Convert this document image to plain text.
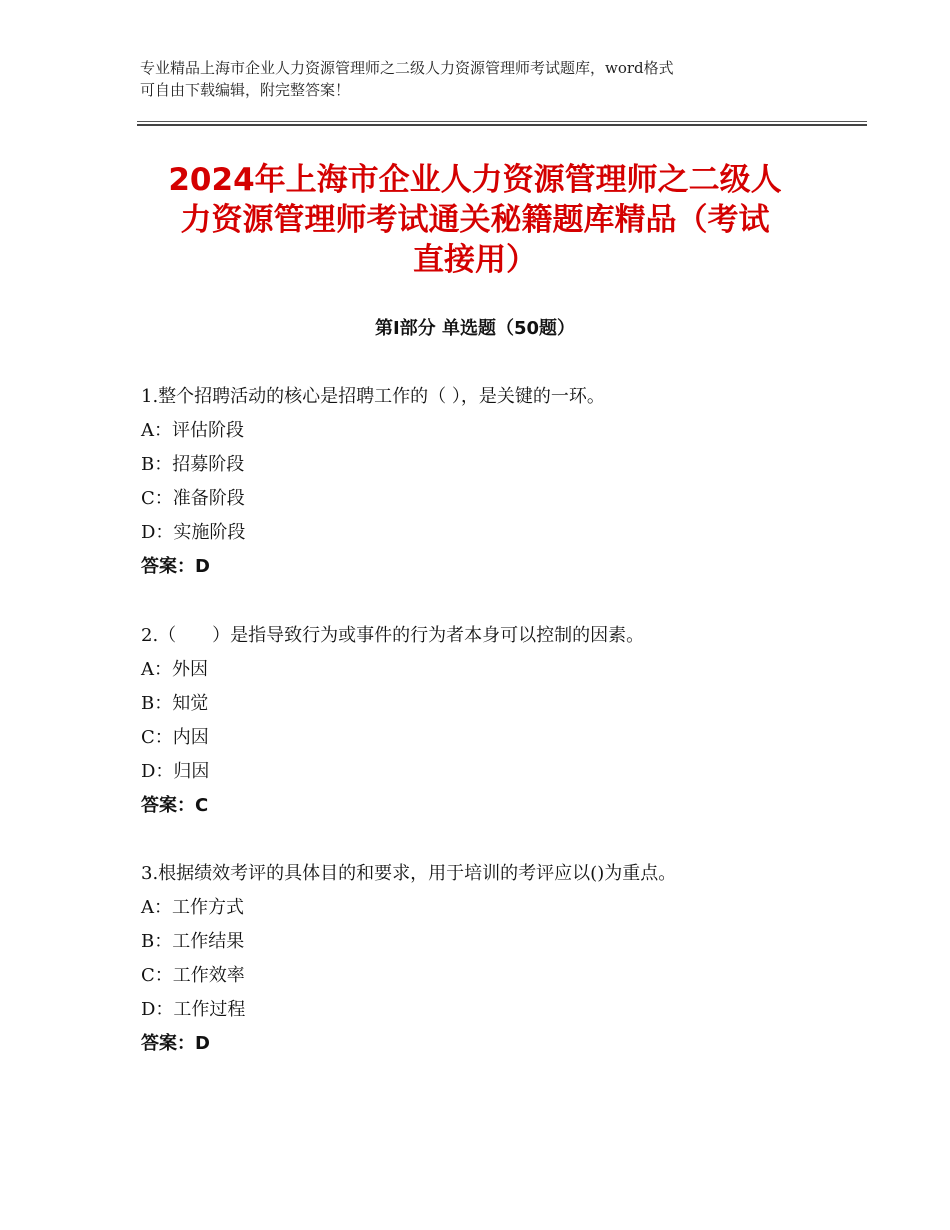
专业精品上海市企业人力资源管理师之二级人力资源管理师考试题库，word格式
可自由下载编辑，附完整答案！
2024年上海市企业人力资源管理师之二级人
力资源管理师考试通关秘籍题库精品（考试
直接用）
第Ⅰ部分 单选题（50题）
1.整个招聘活动的核心是招聘工作的（ ），是关键的一环。
A：评估阶段
B：招募阶段
C：准备阶段
D：实施阶段
答案：D
2.（　　）是指导致行为或事件的行为者本身可以控制的因素。
A：外因
B：知觉
C：内因
D：归因
答案：C
3.根据绩效考评的具体目的和要求，用于培训的考评应以()为重点。
A：工作方式
B：工作结果
C：工作效率
D：工作过程
答案：D
